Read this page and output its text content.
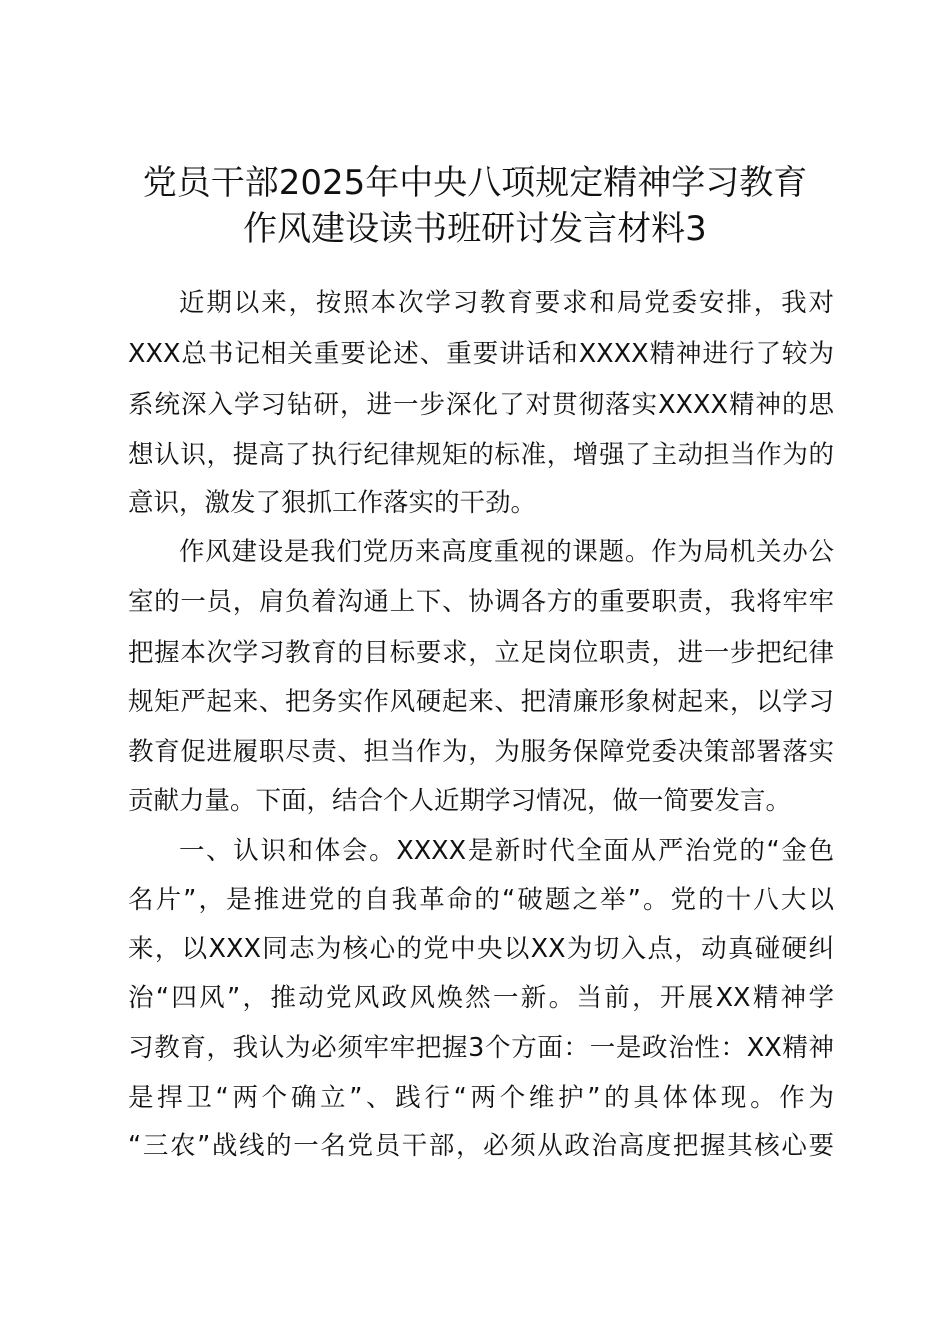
党员干部2025年中央八项规定精神学习教育
作风建设读书班研讨发言材料3
近期以来，按照本次学习教育要求和局党委安排，我对
XXX总书记相关重要论述、重要讲话和XXXX精神进行了较为
系统深入学习钻研，进一步深化了对贯彻落实XXXX精神的思
想认识，提高了执行纪律规矩的标准，增强了主动担当作为的
意识，激发了狠抓工作落实的干劲。
作风建设是我们党历来高度重视的课题。作为局机关办公
室的一员，肩负着沟通上下、协调各方的重要职责，我将牢牢
把握本次学习教育的目标要求，立足岗位职责，进一步把纪律
规矩严起来、把务实作风硬起来、把清廉形象树起来，以学习
教育促进履职尽责、担当作为，为服务保障党委决策部署落实
贡献力量。下面，结合个人近期学习情况，做一简要发言。
一、认识和体会。XXXX是新时代全面从严治党的“金色
名片”，是推进党的自我革命的“破题之举”。党的十八大以
来，以XXX同志为核心的党中央以XX为切入点，动真碰硬纠
治“四风”，推动党风政风焕然一新。当前，开展XX精神学
习教育，我认为必须牢牢把握3个方面：一是政治性：XX精神
是捍卫“两个确立”、践行“两个维护”的具体体现。作为
“三农”战线的一名党员干部，必须从政治高度把握其核心要
